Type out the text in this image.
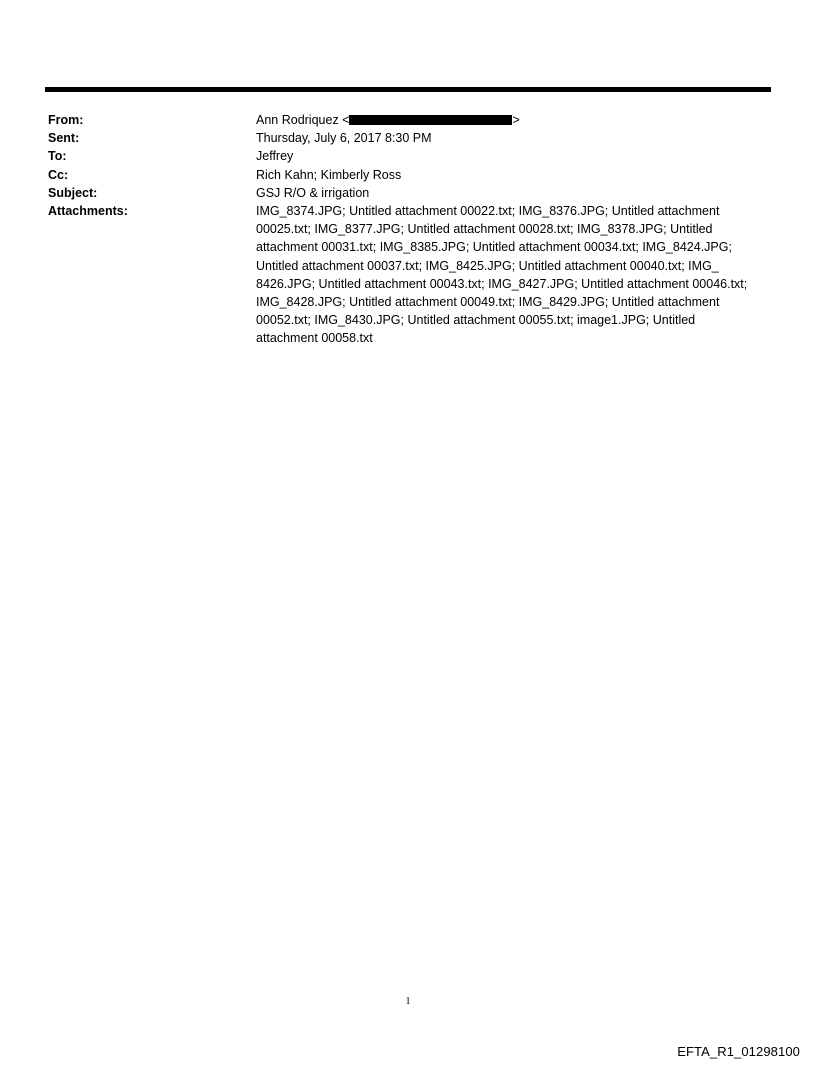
From:	Ann Rodriquez <	>
Sent:	Thursday, July 6, 2017 8:30 PM
To:	Jeffrey
Cc:	Rich Kahn; Kimberly Ross
Subject:	GSJ R/O & irrigation
Attachments:	IMG_8374.JPG; Untitled attachment 00022.txt; IMG_8376.JPG; Untitled attachment 00025.txt; IMG_8377.JPG; Untitled attachment 00028.txt; IMG_8378.JPG; Untitled attachment 00031.txt; IMG_8385.JPG; Untitled attachment 00034.txt; IMG_8424.JPG; Untitled attachment 00037.txt; IMG_8425.JPG; Untitled attachment 00040.txt; IMG_ 8426.JPG; Untitled attachment 00043.txt; IMG_8427.JPG; Untitled attachment 00046.txt; IMG_8428.JPG; Untitled attachment 00049.txt; IMG_8429.JPG; Untitled attachment 00052.txt; IMG_8430.JPG; Untitled attachment 00055.txt; image1.JPG; Untitled attachment 00058.txt
1
EFTA_R1_01298100
